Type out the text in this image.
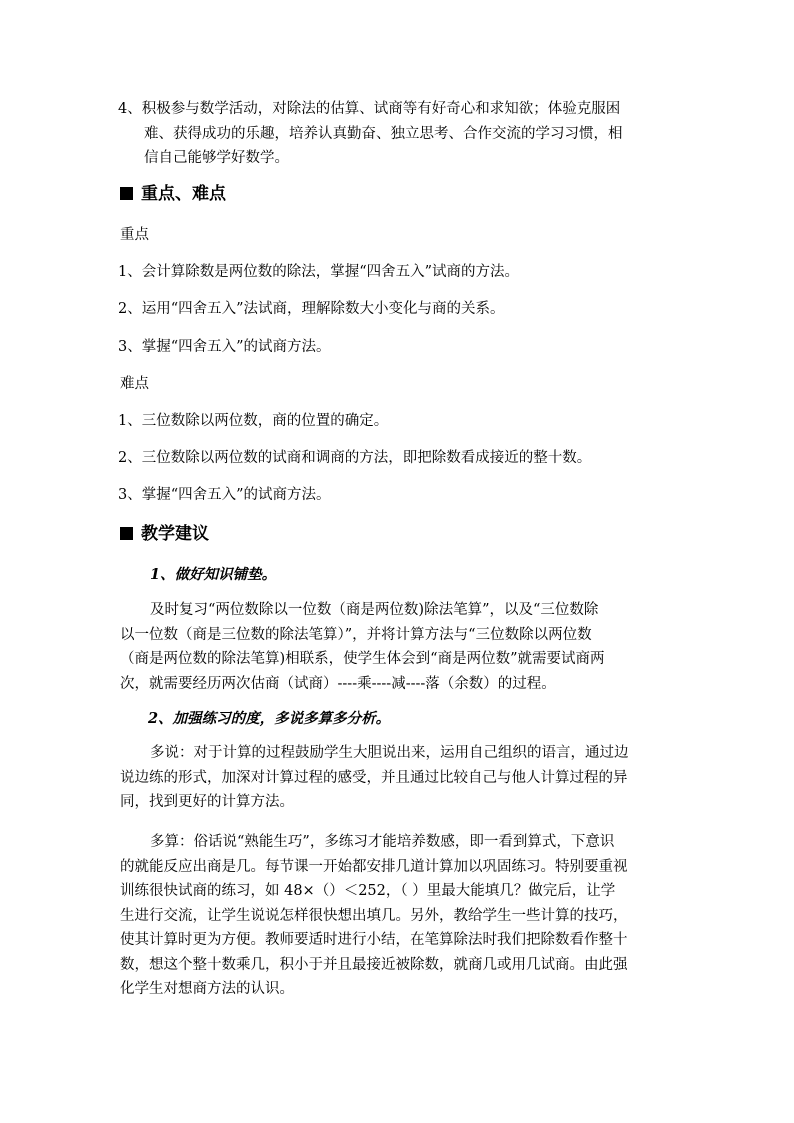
4、积极参与数学活动，对除法的估算、试商等有好奇心和求知欲；体验克服困
难、获得成功的乐趣，培养认真勤奋、独立思考、合作交流的学习习惯，相
信自己能够学好数学。
重点、难点
重点
1、会计算除数是两位数的除法，掌握“四舍五入”试商的方法。
2、运用“四舍五入”法试商，理解除数大小变化与商的关系。
3、掌握“四舍五入”的试商方法。
难点
1、三位数除以两位数，商的位置的确定。
2、三位数除以两位数的试商和调商的方法，即把除数看成接近的整十数。
3、掌握“四舍五入”的试商方法。
教学建议
1、做好知识铺垫。
及时复习“两位数除以一位数（商是两位数)除法笔算”，以及“三位数除
以一位数（商是三位数的除法笔算）”，并将计算方法与“三位数除以两位数
（商是两位数的除法笔算)相联系，使学生体会到“商是两位数”就需要试商两
次，就需要经历两次估商（试商）----乘----减----落（余数）的过程。
2、加强练习的度，多说多算多分析。
多说：对于计算的过程鼓励学生大胆说出来，运用自己组织的语言，通过边
说边练的形式，加深对计算过程的感受，并且通过比较自己与他人计算过程的异
同，找到更好的计算方法。
多算：俗话说“熟能生巧”，多练习才能培养数感，即一看到算式，下意识
的就能反应出商是几。每节课一开始都安排几道计算加以巩固练习。特别要重视
训练很快试商的练习，如 48×（）＜252，（ ）里最大能填几？做完后，让学
生进行交流，让学生说说怎样很快想出填几。另外，教给学生一些计算的技巧，
使其计算时更为方便。教师要适时进行小结，在笔算除法时我们把除数看作整十
数，想这个整十数乘几，积小于并且最接近被除数，就商几或用几试商。由此强
化学生对想商方法的认识。
